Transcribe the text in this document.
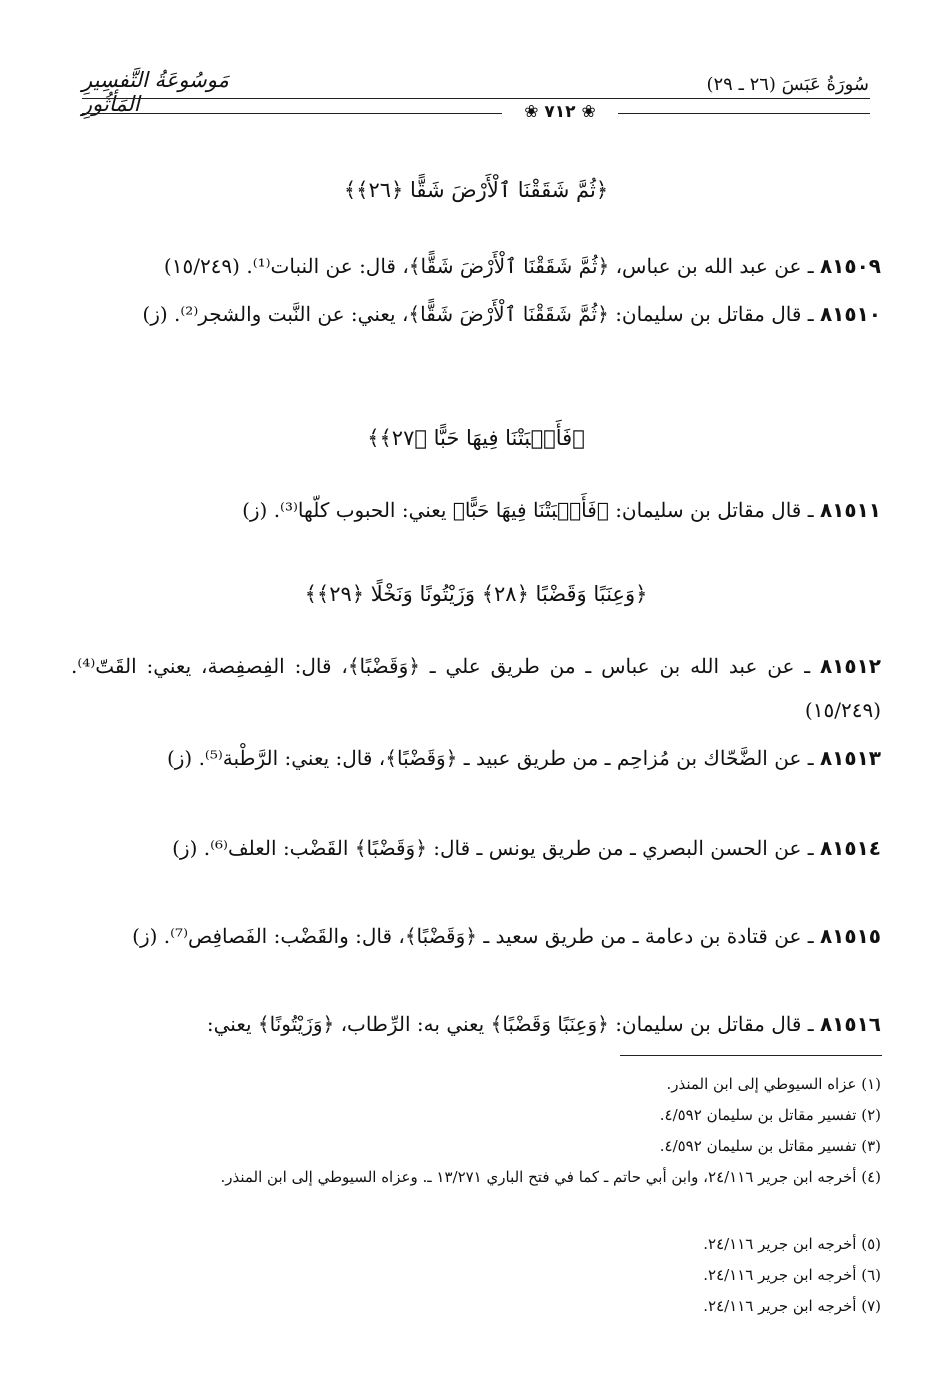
سُورَةُ عَبَسَ (٢٦ ـ ٢٩)
مَوسُوعَةُ التَّفسِيرِ المَأثُورِ	❀ ٧١٢ ❀
﴿ثُمَّ شَقَقْنَا ٱلْأَرْضَ شَقًّا ﴿٢٦﴾﴾
٨١٥٠٩ ـ عن عبد الله بن عباس، ﴿ثُمَّ شَقَقْنَا ٱلْأَرْضَ شَقًّا﴾، قال: عن النبات⁽¹⁾. (١٥/٢٤٩)
٨١٥١٠ ـ قال مقاتل بن سليمان: ﴿ثُمَّ شَقَقْنَا ٱلْأَرْضَ شَقًّا﴾، يعني: عن النَّبت والشجر⁽²⁾. (ز)
﴿فَأَنۢبَتْنَا فِيهَا حَبًّا ﴿٢٧﴾﴾
٨١٥١١ ـ قال مقاتل بن سليمان: ﴿فَأَنۢبَتْنَا فِيهَا حَبًّا﴾ يعني: الحبوب كلّها⁽³⁾. (ز)
﴿وَعِنَبًا وَقَضْبًا ﴿٢٨﴾ وَزَيْتُونًا وَنَخْلًا ﴿٢٩﴾﴾
٨١٥١٢ ـ عن عبد الله بن عباس ـ من طريق علي ـ ﴿وَقَضْبًا﴾، قال: الفِصفِصة، يعني: القَتّ⁽⁴⁾. (١٥/٢٤٩)
٨١٥١٣ ـ عن الضَّحّاك بن مُزاحِم ـ من طريق عبيد ـ ﴿وَقَضْبًا﴾، قال: يعني: الرَّطْبة⁽⁵⁾. (ز)
٨١٥١٤ ـ عن الحسن البصري ـ من طريق يونس ـ قال: ﴿وَقَضْبًا﴾ القَضْب: العلف⁽⁶⁾. (ز)
٨١٥١٥ ـ عن قتادة بن دعامة ـ من طريق سعيد ـ ﴿وَقَضْبًا﴾، قال: والقَضْب: الفَصافِص⁽⁷⁾. (ز)
٨١٥١٦ ـ قال مقاتل بن سليمان: ﴿وَعِنَبًا وَقَضْبًا﴾ يعني به: الرِّطاب، ﴿وَزَيْتُونًا﴾ يعني:
(١) عزاه السيوطي إلى ابن المنذر.
(٢) تفسير مقاتل بن سليمان ٤/٥٩٢.
(٣) تفسير مقاتل بن سليمان ٤/٥٩٢.
(٤) أخرجه ابن جرير ٢٤/١١٦، وابن أبي حاتم ـ كما في فتح الباري ١٣/٢٧١ ـ. وعزاه السيوطي إلى ابن المنذر.
(٥) أخرجه ابن جرير ٢٤/١١٦.
(٦) أخرجه ابن جرير ٢٤/١١٦.
(٧) أخرجه ابن جرير ٢٤/١١٦.
